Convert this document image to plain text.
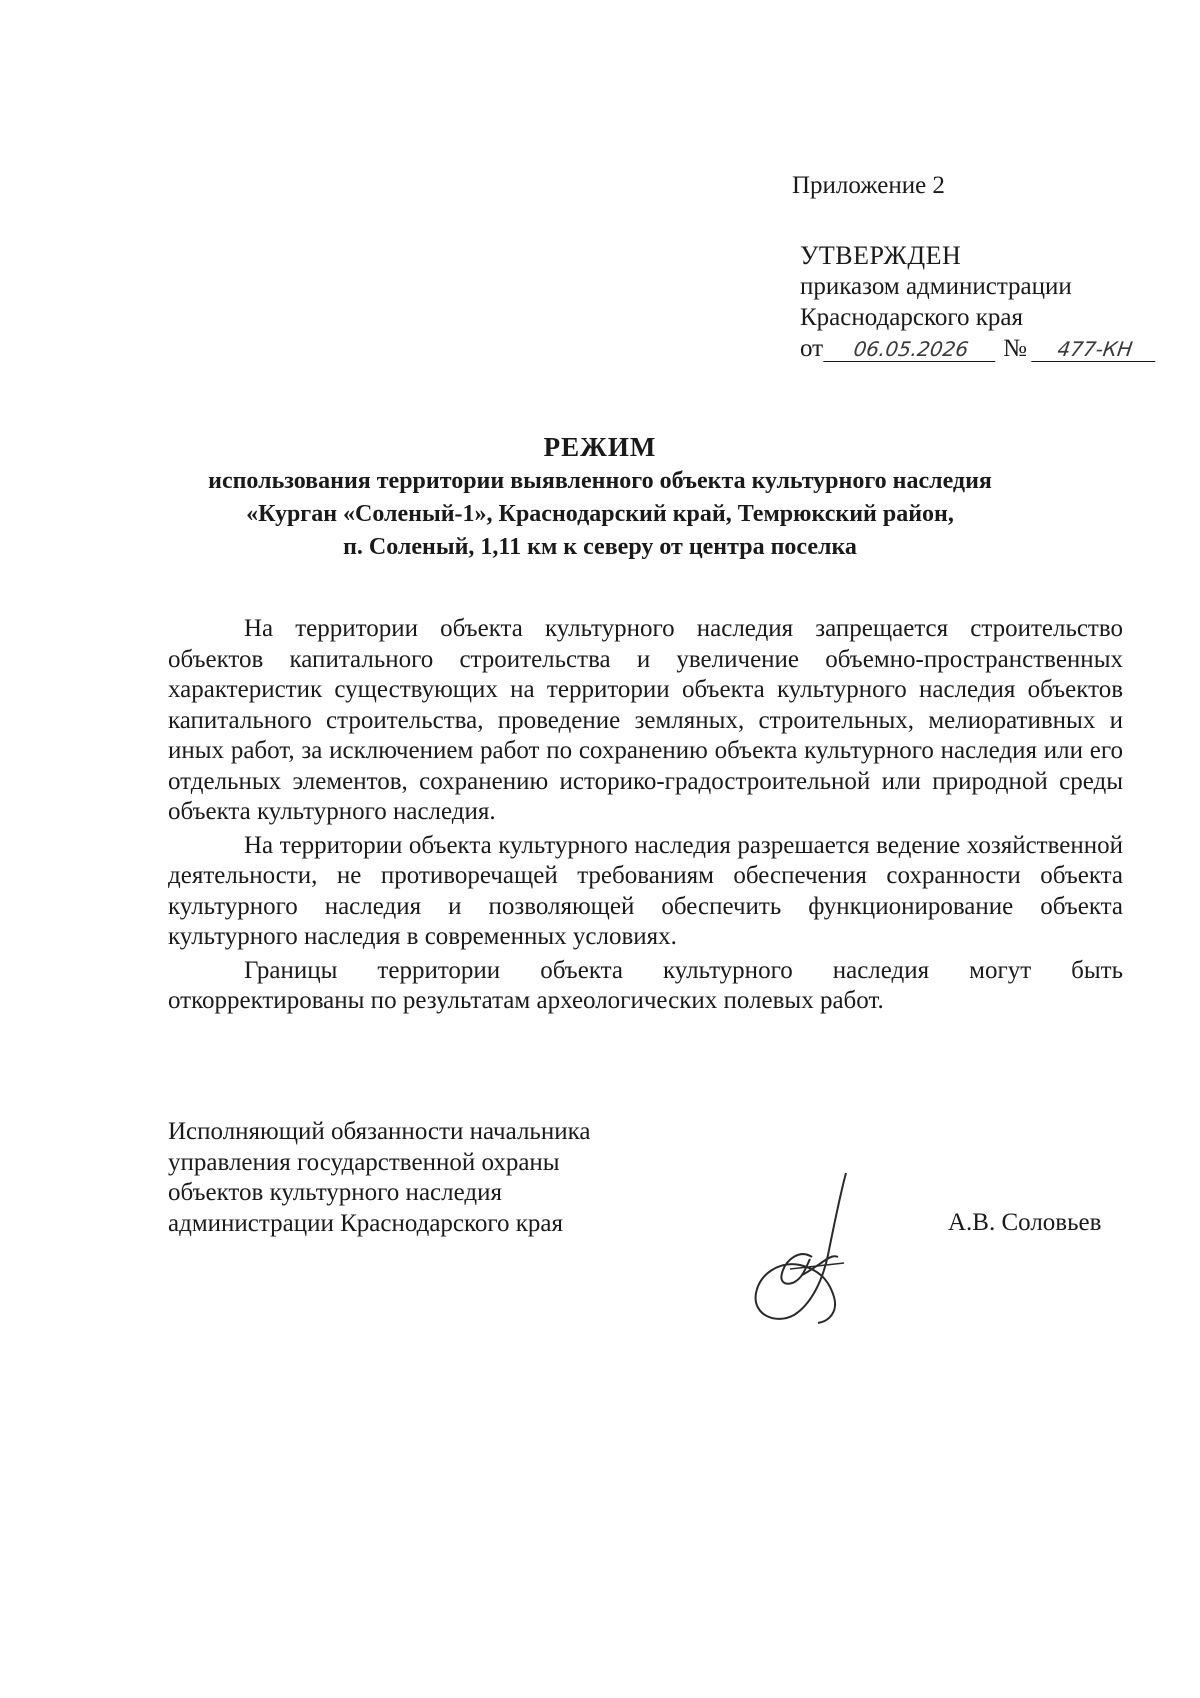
Приложение 2
УТВЕРЖДЕН
приказом администрации
Краснодарского края
от	06.05.2026	№	477-КН
РЕЖИМ
использования территории выявленного объекта культурного наследия
«Курган «Соленый-1», Краснодарский край, Темрюкский район,
п. Соленый, 1,11 км к северу от центра поселка

На территории объекта культурного наследия запрещается строительство объектов капитального строительства и увеличение объемно-пространственных характеристик существующих на территории объекта культурного наследия объектов капитального строительства, проведение земляных, строительных, мелиоративных и иных работ, за исключением работ по сохранению объекта культурного наследия или его отдельных элементов, сохранению историко-градостроительной или природной среды объекта культурного наследия.

На территории объекта культурного наследия разрешается ведение хозяйственной деятельности, не противоречащей требованиям обеспечения сохранности объекта культурного наследия и позволяющей обеспечить функционирование объекта культурного наследия в современных условиях.

Границы территории объекта культурного наследия могут быть откорректированы по результатам археологических полевых работ.

Исполняющий обязанности начальника
управления государственной охраны
объектов культурного наследия
администрации Краснодарского края	А.В. Соловьев
